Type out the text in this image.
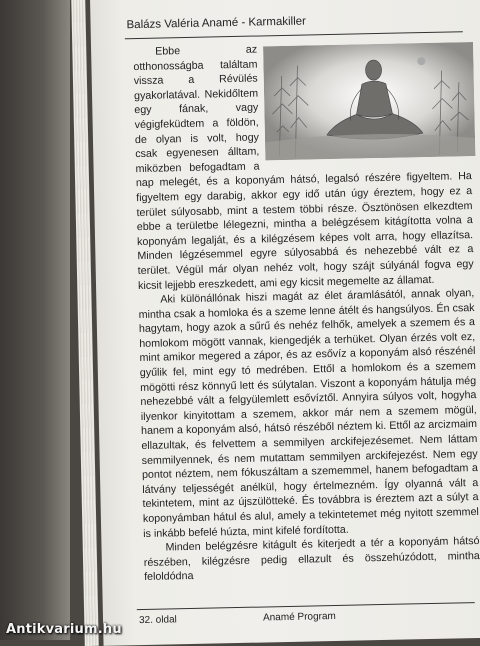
Balázs Valéria Anamé - Karmakiller

Ebbe az otthonosságba találtam vissza a Révülés gyakorlatával. Nekidőltem egy fának, vagy végigfeküdtem a földön, de olyan is volt, hogy csak egyenesen álltam, miközben befogadtam a nap melegét, és a koponyám hátsó, legalsó részére figyeltem. Ha figyeltem egy darabig, akkor egy idő után úgy éreztem, hogy ez a terület súlyosabb, mint a testem többi része. Ösztönösen elkezdtem ebbe a területbe lélegezni, mintha a belégzésem kitágította volna a koponyám legalját, és a kilégzésem képes volt arra, hogy ellazítsa. Minden légzésemmel egyre súlyosabbá és nehezebbé vált ez a terület. Végül már olyan nehéz volt, hogy szájt súlyánál fogva egy kicsit lejjebb ereszkedett, ami egy kicsit megemelte az államat.

Aki különállónak hiszi magát az élet áramlásától, annak olyan, mintha csak a homloka és a szeme lenne átélt és hangsúlyos. Én csak hagytam, hogy azok a sűrű és nehéz felhők, amelyek a szemem és a homlokom mögött vannak, kiengedjék a terhüket. Olyan érzés volt ez, mint amikor megered a zápor, és az esővíz a koponyám alsó részénél gyűlik fel, mint egy tó medrében. Ettől a homlokom és a szemem mögötti rész könnyű lett és súlytalan. Viszont a koponyám hátulja még nehezebbé vált a felgyülemlett esővíztől. Annyira súlyos volt, hogyha ilyenkor kinyitottam a szemem, akkor már nem a szemem mögül, hanem a koponyám alsó, hátsó részéből néztem ki. Ettől az arcizmaim ellazultak, és felvettem a semmilyen arckifejezésemet. Nem láttam semmilyennek, és nem mutattam semmilyen arckifejezést. Nem egy pontot néztem, nem fókuszáltam a szememmel, hanem befogadtam a látvány teljességét anélkül, hogy értelmezném. Így olyanná vált a tekintetem, mint az újszülötteké. És továbbra is éreztem azt a súlyt a koponyámban hátul és alul, amely a tekintetemet még nyitott szemmel is inkább befelé húzta, mint kifelé fordította.

Minden belégzésre kitágult és kiterjedt a tér a koponyám hátsó részében, kilégzésre pedig ellazult és összehúzódott, mintha feloldódna

32. oldal	Anamé Program
Antikvarium.hu
